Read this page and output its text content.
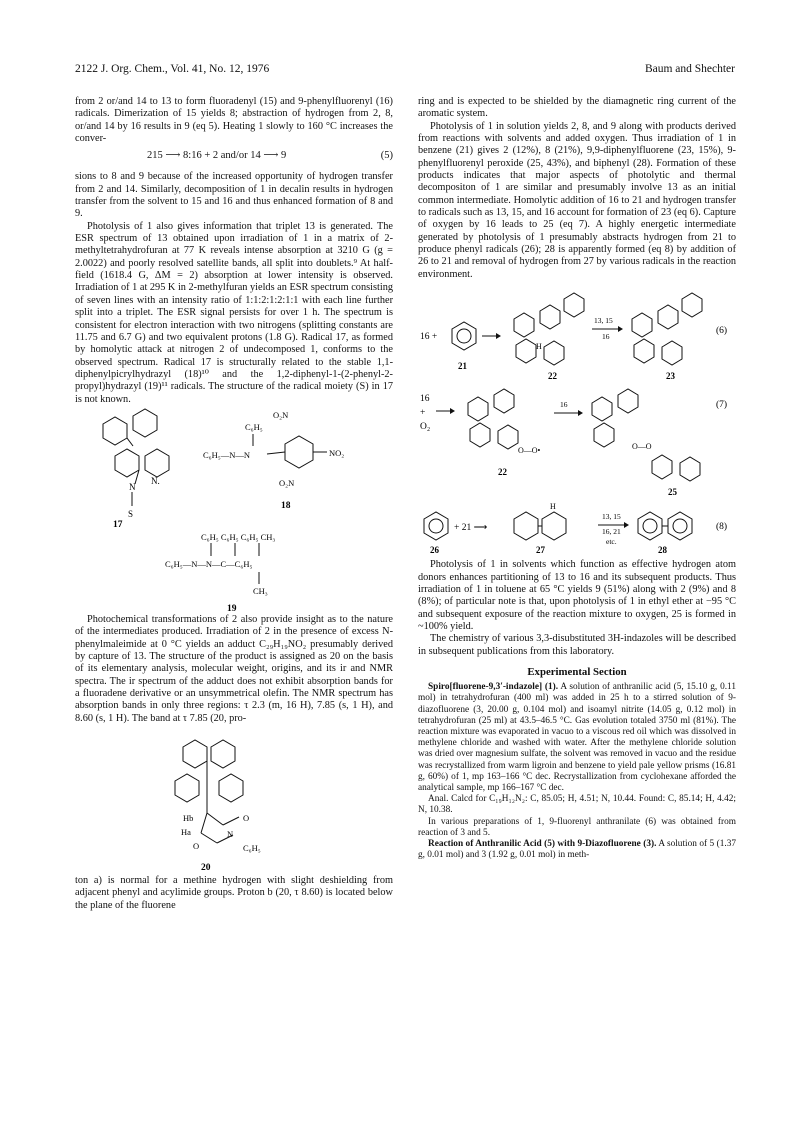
2122 J. Org. Chem., Vol. 41, No. 12, 1976	Baum and Shechter

from 2 or/and 14 to 13 to form fluoradenyl (15) and 9-phenylfluorenyl (16) radicals. Dimerization of 15 yields 8; abstraction of hydrogen from 2, 8, or/and 14 by 16 results in 9 (eq 5). Heating 1 slowly to 160 °C increases the conver-

215 ⟶ 8:16 + 2 and/or 14 ⟶ 9	(5)

sions to 8 and 9 because of the increased opportunity of hydrogen transfer from 2 and 14. Similarly, decomposition of 1 in decalin results in hydrogen transfer from the solvent to 15 and 16 and thus enhanced formation of 8 and 9.

Photolysis of 1 also gives information that triplet 13 is generated. The ESR spectrum of 13 obtained upon irradiation of 1 in a matrix of 2-methyltetrahydrofuran at 77 K reveals intense absorption at 3210 G (g = 2.0022) and poorly resolved satellite bands, all split into doublets.⁹ At half-field (1618.4 G, ΔM = 2) absorption at lower intensity is observed. Irradiation of 1 at 295 K in 2-methylfuran yields an ESR spectrum consisting of seven lines with an intensity ratio of 1:1:2:1:2:1:1 with each line further split into a triplet. The ESR signal persists for over 1 h. The spectrum is consistent for electron interaction with two nitrogens (splitting constants are 11.75 and 6.7 G) and two equivalent protons (1.8 G). Radical 17, as formed by homolytic attack at nitrogen 2 of undecomposed 1, conforms to the observed spectrum. Radical 17 is structurally related to the stable 1,1-diphenylpicrylhydrazyl (18)¹⁰ and the 1,2-diphenyl-1-(2-phenyl-2-propyl)hydrazyl (19)¹¹ radicals. The structure of the radical moiety (S) in 17 is not known.

N
N.
S
17
C₆H₅
O₂N
C₆H₅—N—N	NO₂
O₂N
18
C₆H₅ C₆H₅ C₆H₅ CH₃
C₆H₅—N—N—C—C₆H₅
CH₃
19

Photochemical transformations of 2 also provide insight as to the nature of the intermediates produced. Irradiation of 2 in the presence of excess N-phenylmaleimide at 0 °C yields an adduct C₂₉H₁₉NO₂ presumably derived by capture of 13. The structure of the product is assigned as 20 on the basis of its elementary analysis, molecular weight, origins, and its ir and NMR spectra. The ir spectrum of the adduct does not exhibit absorption bands for a fluoradene derivative or an unsymmetrical olefin. The NMR spectrum has absorption bands in only three regions: τ 2.3 (m, 16 H), 7.85 (s, 1 H), and 8.60 (s, 1 H). The band at τ 7.85 (20, pro-

Hb
Ha
O
O
N
C₆H₅
20

ton a) is normal for a methine hydrogen with slight deshielding from adjacent phenyl and acylimide groups. Proton b (20, τ 8.60) is located below the plane of the fluorene

ring and is expected to be shielded by the diamagnetic ring current of the aromatic system.

Photolysis of 1 in solution yields 2, 8, and 9 along with products derived from reactions with solvents and added oxygen. Thus irradiation of 1 in benzene (21) gives 2 (12%), 8 (21%), 9,9-diphenylfluorene (23, 15%), 9-phenylfluorenyl peroxide (25, 43%), and biphenyl (28). Formation of these products indicates that major aspects of photolytic and thermal decompositon of 1 are similar and presumably involve 13 as an initial common intermediate. Homolytic addition of 16 to 21 and hydrogen transfer to radicals such as 13, 15, and 16 account for formation of 23 (eq 6). Capture of oxygen by 16 leads to 25 (eq 7). A highly energetic intermediate generated by photolysis of 1 presumably abstracts hydrogen from 21 to produce phenyl radicals (26); 28 is apparently formed (eq 8) by addition of 26 to 21 and removal of hydrogen from 27 by various radicals in the reaction environment.

16 +
21
H
22
13, 15
16
23
(6)
16
+
O₂
O—O•
22
16
O—O
25
(7)
+ 21 ⟶
26
H
27
13, 15
16, 21
etc.
28
(8)

Photolysis of 1 in solvents which function as effective hydrogen atom donors enhances partitioning of 13 to 16 and its subsequent products. Thus irradiation of 1 in toluene at 65 °C yields 9 (51%) along with 2 (9%) and 8 (8%); of particular note is that, upon photolysis of 1 in ethyl ether at −95 °C and subsequent exposure of the reaction mixture to oxygen, 25 is formed in ~100% yield.

The chemistry of various 3,3-disubstituted 3H-indazoles will be described in subsequent publications from this laboratory.

Experimental Section

Spiro[fluorene-9,3′-indazole] (1). A solution of anthranilic acid (5, 15.10 g, 0.11 mol) in tetrahydrofuran (400 ml) was added in 25 h to a stirred solution of 9-diazofluorene (3, 20.00 g, 0.104 mol) and isoamyl nitrite (14.05 g, 0.12 mol) in tetrahydrofuran (25 ml) at 43.5–46.5 °C. Gas evolution totaled 3750 ml (81%). The reaction mixture was evaporated in vacuo to a viscous red oil which was dissolved in methylene chloride and washed with water. After the methylene chloride solution was dried over magnesium sulfate, the solvent was removed in vacuo and the residue was recrystallized from warm ligroin and benzene to yield pale yellow prisms (16.81 g, 60%) of 1, mp 163–166 °C dec. Recrystallization from cyclohexane afforded the analytical sample, mp 166–167 °C dec.

Anal. Calcd for C₁₉H₁₂N₂: C, 85.05; H, 4.51; N, 10.44. Found: C, 85.14; H, 4.42; N, 10.38.

In various preparations of 1, 9-fluorenyl anthranilate (6) was obtained from reaction of 3 and 5.

Reaction of Anthranilic Acid (5) with 9-Diazofluorene (3). A solution of 5 (1.37 g, 0.01 mol) and 3 (1.92 g, 0.01 mol) in meth-
